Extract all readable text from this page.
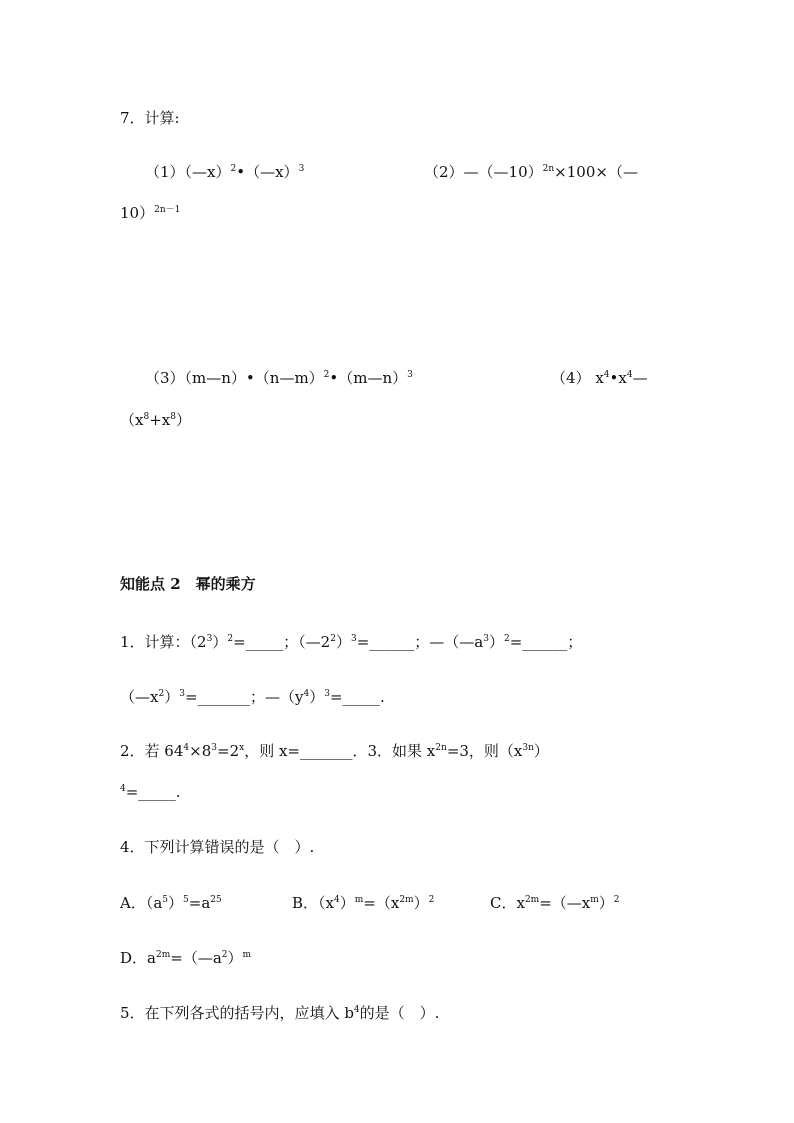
7．计算:
（1）（—x）$^2$•（—x）$^3$	（2）—（—10）$^{2n}$×100×（—
10）$^{2n-1}$
（3）（m—n）•（n—m）$^2$•（m—n）$^3$	（4） $x^4•x^4—$
$(x^8+x^8)$
知能点 2　幂的乘方
1．计算：$(2^3)^2=\_\_\_\_\_$；$(—2^2)^3=\_\_\_\_\_\_$；$—(—a^3)^2=\_\_\_\_\_\_$；
$(—x^2)^3=\_\_\_\_\_\_\_$；$—(y^4)^3=\_\_\_\_\_$.
2．若 $64^4\times 8^3=2^x$，则 x=_______．3．如果 $x^{2n}=3$，则$(x^{3n})$
$^4$=_____.
4．下列计算错误的是（　）.
A．$(a^5)^5=a^{25}$	B．$(x^4)^m=(x^{2m})^2$	C．$x^{2m}=(—x^m)^2$
D．$a^{2m}=(—a^2)^m$
5．在下列各式的括号内，应填入 $b^4$的是（　）.
